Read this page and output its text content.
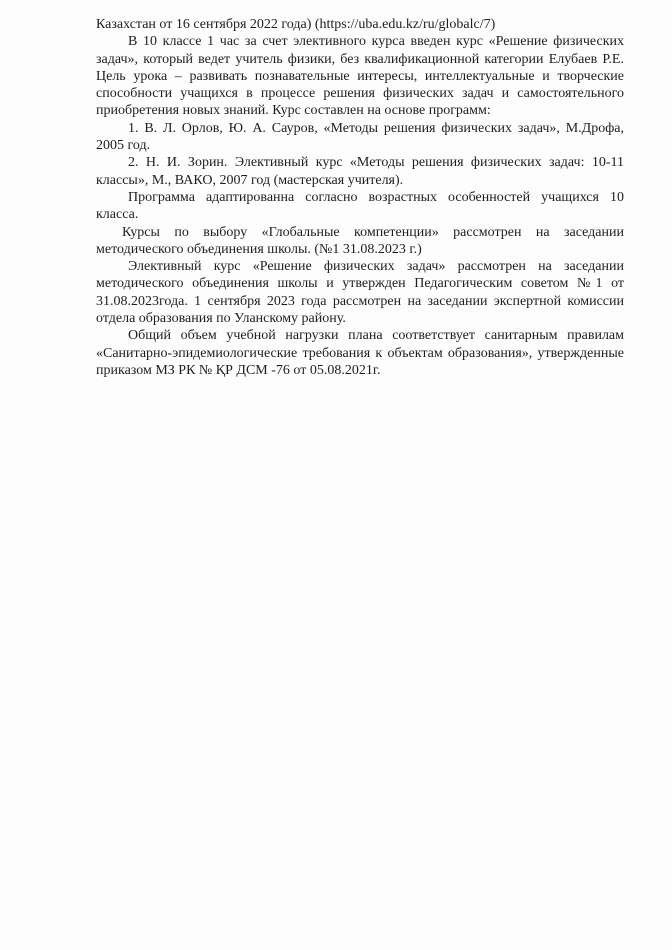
Казахстан от 16 сентября 2022 года) (https://uba.edu.kz/ru/globalc/7)

В 10 классе 1 час за счет элективного курса введен курс «Решение физических задач», который ведет учитель физики, без квалификационной категории Елубаев Р.Е. Цель урока – развивать познавательные интересы, интеллектуальные и творческие способности учащихся в процессе решения физических задач и самостоятельного приобретения новых знаний. Курс составлен на основе программ:

1. В. Л. Орлов, Ю. А. Сауров, «Методы решения физических задач», М.Дрофа, 2005 год.

2. Н. И. Зорин. Элективный курс «Методы решения физических задач: 10-11 классы», М., ВАКО, 2007 год (мастерская учителя).

Программа адаптированна согласно возрастных особенностей учащихся 10 класса.

Курсы по выбору «Глобальные компетенции» рассмотрен на заседании методического объединения школы. (№1 31.08.2023 г.)

Элективный курс «Решение физических задач» рассмотрен на заседании методического объединения школы и утвержден Педагогическим советом №1 от 31.08.2023года. 1 сентября 2023 года рассмотрен на заседании экспертной комиссии отдела образования по Уланскому району.

Общий объем учебной нагрузки плана соответствует санитарным правилам «Санитарно-эпидемиологические требования к объектам образования», утвержденные приказом МЗ РК № ҚР ДСМ -76 от 05.08.2021г.
